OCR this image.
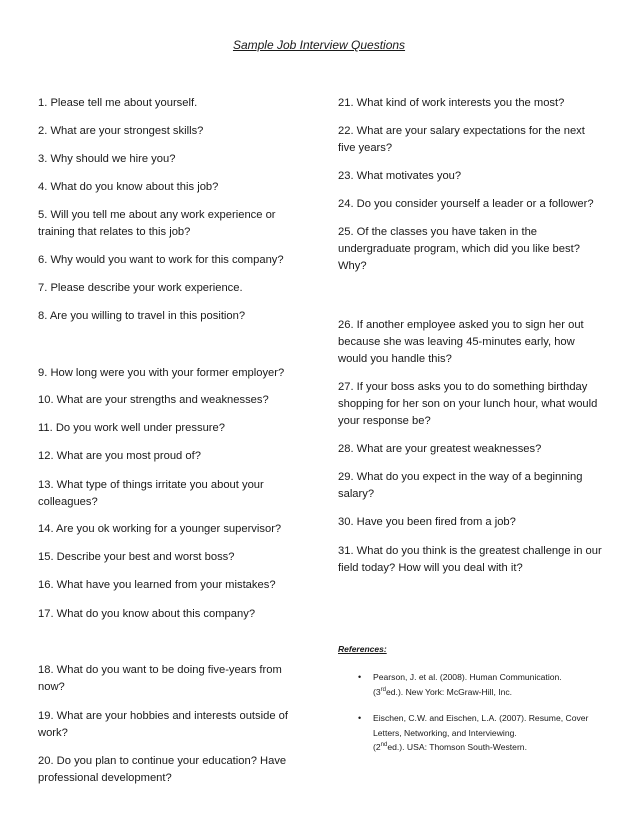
Sample Job Interview Questions

1. Please tell me about yourself.

2. What are your strongest skills?

3. Why should we hire you?

4. What do you know about this job?

5. Will you tell me about any work experience or training that relates to this job?

6. Why would you want to work for this company?

7. Please describe your work experience.

8. Are you willing to travel in this position?

9. How long were you with your former employer?

10. What are your strengths and weaknesses?

11. Do you work well under pressure?

12. What are you most proud of?

13. What type of things irritate you about your colleagues?

14. Are you ok working for a younger supervisor?

15. Describe your best and worst boss?

16. What have you learned from your mistakes?

17. What do you know about this company?

18. What do you want to be doing five-years from now?

19. What are your hobbies and interests outside of work?

20. Do you plan to continue your education? Have professional development?

21. What kind of work interests you the most?

22. What are your salary expectations for the next five years?

23. What motivates you?

24. Do you consider yourself a leader or a follower?

25. Of the classes you have taken in the undergraduate program, which did you like best? Why?

26. If another employee asked you to sign her out because she was leaving 45-minutes early, how would you handle this?

27. If your boss asks you to do something birthday shopping for her son on your lunch hour, what would your response be?

28. What are your greatest weaknesses?

29. What do you expect in the way of a beginning salary?

30. Have you been fired from a job?

31. What do you think is the greatest challenge in our field today? How will you deal with it?

References:
• Pearson, J. et al. (2008). Human Communication.
(3rded.). New York: McGraw-Hill, Inc.
• Eischen, C.W. and Eischen, L.A. (2007). Resume, Cover Letters, Networking, and Interviewing.
(2nded.). USA: Thomson South-Western.
